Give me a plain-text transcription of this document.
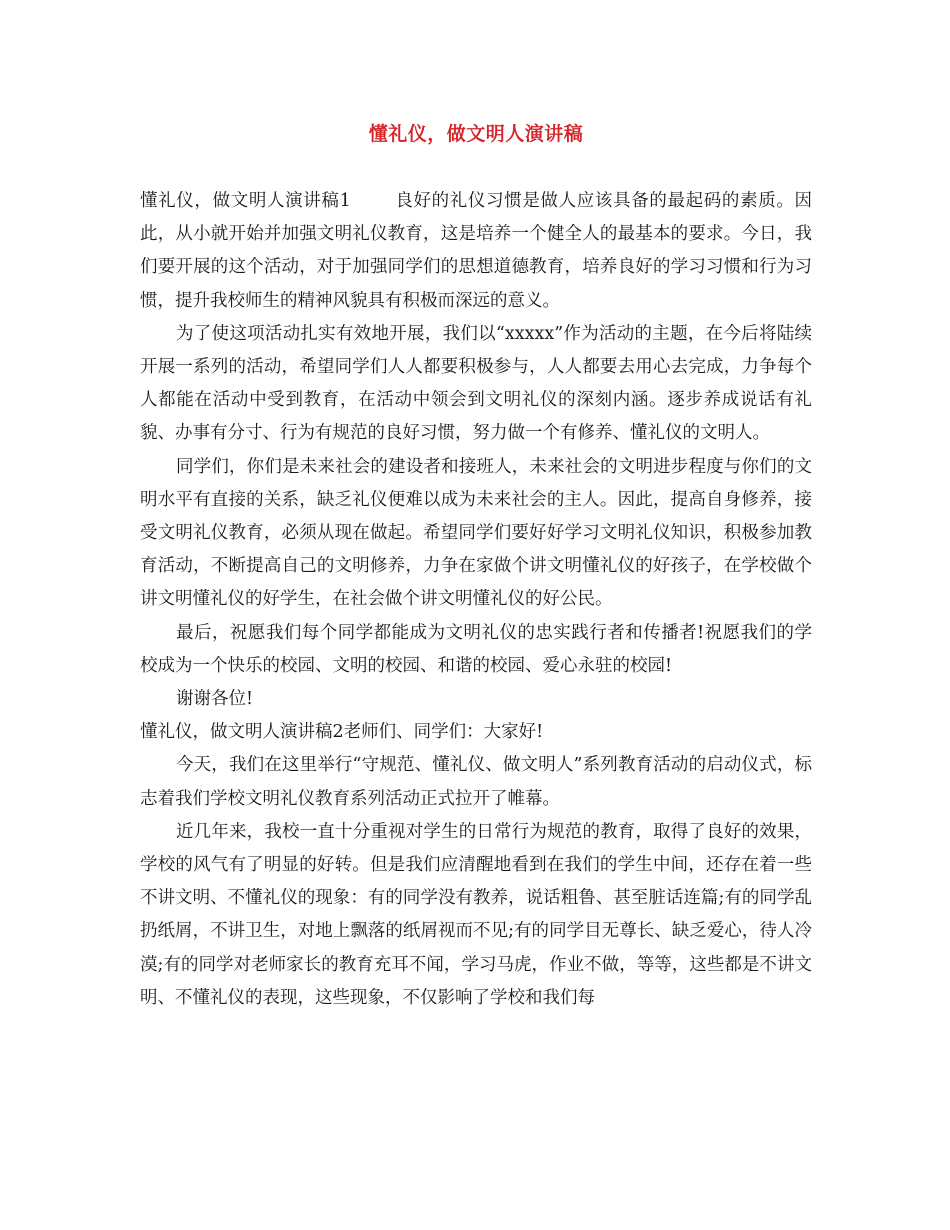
懂礼仪，做文明人演讲稿

懂礼仪，做文明人演讲稿1	良好的礼仪习惯是做人应该具备的最起码的素质。因此，从小就开始并加强文明礼仪教育，这是培养一个健全人的最基本的要求。今日，我们要开展的这个活动，对于加强同学们的思想道德教育，培养良好的学习习惯和行为习惯，提升我校师生的精神风貌具有积极而深远的意义。

为了使这项活动扎实有效地开展，我们以“xxxxx”作为活动的主题，在今后将陆续开展一系列的活动，希望同学们人人都要积极参与，人人都要去用心去完成，力争每个人都能在活动中受到教育，在活动中领会到文明礼仪的深刻内涵。逐步养成说话有礼貌、办事有分寸、行为有规范的良好习惯，努力做一个有修养、懂礼仪的文明人。

同学们，你们是未来社会的建设者和接班人，未来社会的文明进步程度与你们的文明水平有直接的关系，缺乏礼仪便难以成为未来社会的主人。因此，提高自身修养，接受文明礼仪教育，必须从现在做起。希望同学们要好好学习文明礼仪知识，积极参加教育活动，不断提高自己的文明修养，力争在家做个讲文明懂礼仪的好孩子，在学校做个讲文明懂礼仪的好学生，在社会做个讲文明懂礼仪的好公民。

最后，祝愿我们每个同学都能成为文明礼仪的忠实践行者和传播者!祝愿我们的学校成为一个快乐的校园、文明的校园、和谐的校园、爱心永驻的校园!

谢谢各位!

懂礼仪，做文明人演讲稿2老师们、同学们：大家好!

今天，我们在这里举行“守规范、懂礼仪、做文明人”系列教育活动的启动仪式，标志着我们学校文明礼仪教育系列活动正式拉开了帷幕。

近几年来，我校一直十分重视对学生的日常行为规范的教育，取得了良好的效果，学校的风气有了明显的好转。但是我们应清醒地看到在我们的学生中间，还存在着一些不讲文明、不懂礼仪的现象：有的同学没有教养，说话粗鲁、甚至脏话连篇;有的同学乱扔纸屑，不讲卫生，对地上飘落的纸屑视而不见;有的同学目无尊长、缺乏爱心，待人冷漠;有的同学对老师家长的教育充耳不闻，学习马虎，作业不做，等等，这些都是不讲文明、不懂礼仪的表现，这些现象，不仅影响了学校和我们每
